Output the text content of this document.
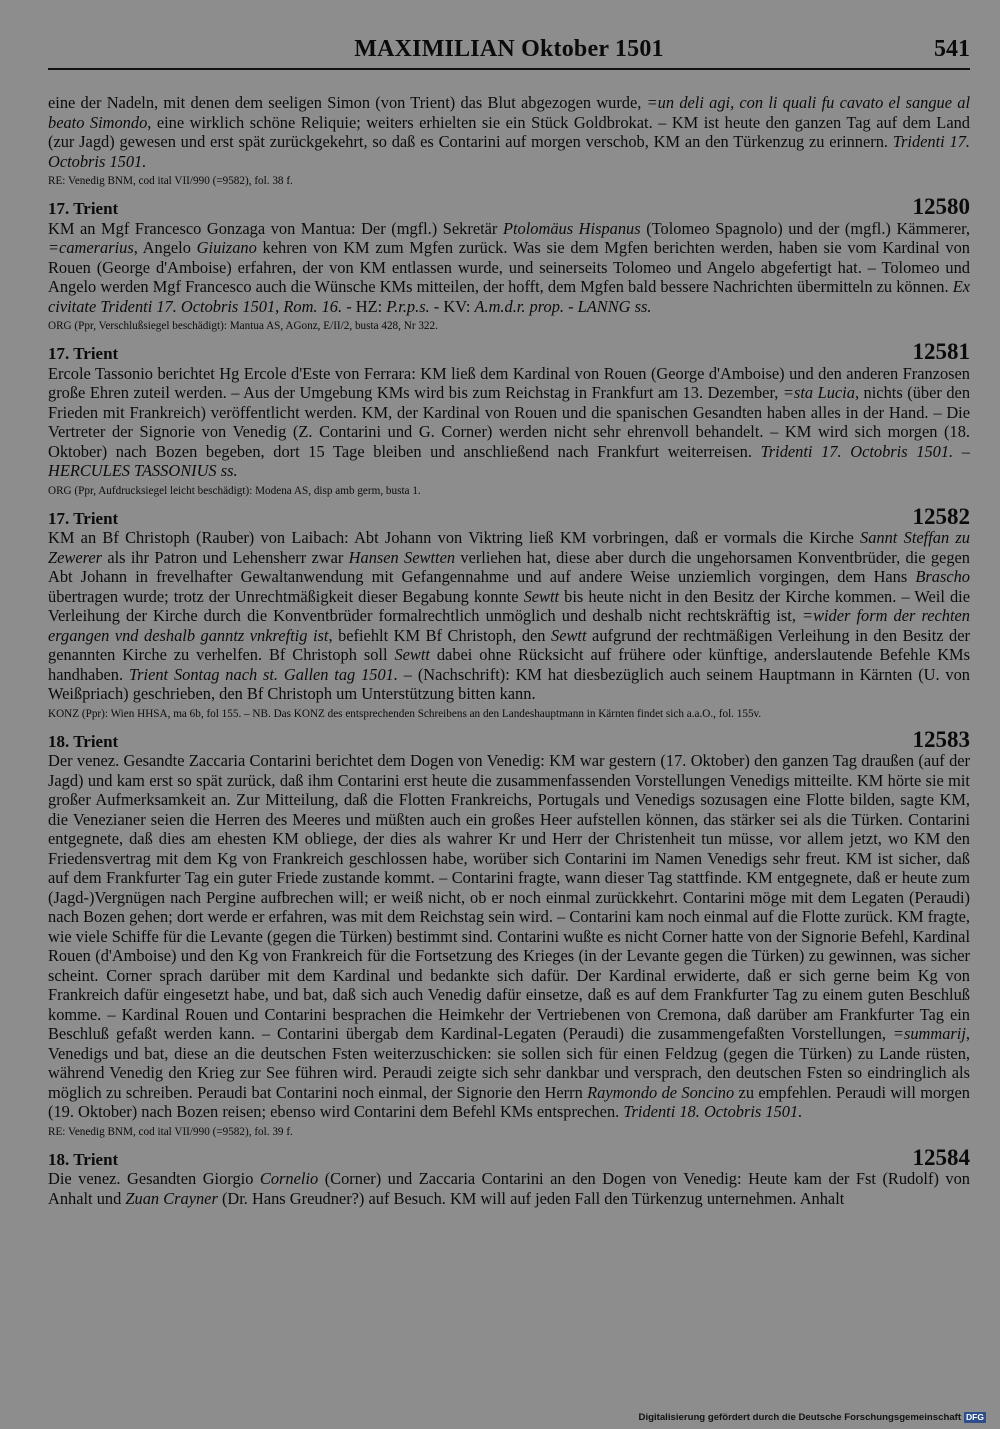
MAXIMILIAN Oktober 1501	541

eine der Nadeln, mit denen dem seeligen Simon (von Trient) das Blut abgezogen wurde, =un deli agi, con li quali fu cavato el sangue al beato Simondo, eine wirklich schöne Reliquie; weiters erhielten sie ein Stück Goldbrokat. – KM ist heute den ganzen Tag auf dem Land (zur Jagd) gewesen und erst spät zurückgekehrt, so daß es Contarini auf morgen verschob, KM an den Türkenzug zu erinnern. Tridenti 17. Octobris 1501.

RE: Venedig BNM, cod ital VII/990 (=9582), fol. 38 f.
17. Trient	12580

KM an Mgf Francesco Gonzaga von Mantua: Der (mgfl.) Sekretär Ptolomäus Hispanus (Tolomeo Spagnolo) und der (mgfl.) Kämmerer, =camerarius, Angelo Giuizano kehren von KM zum Mgfen zurück. Was sie dem Mgfen berichten werden, haben sie vom Kardinal von Rouen (George d'Amboise) erfahren, der von KM entlassen wurde, und seinerseits Tolomeo und Angelo abgefertigt hat. – Tolomeo und Angelo werden Mgf Francesco auch die Wünsche KMs mitteilen, der hofft, dem Mgfen bald bessere Nachrichten übermitteln zu können. Ex civitate Tridenti 17. Octobris 1501, Rom. 16. - HZ: P.r.p.s. - KV: A.m.d.r. prop. - LANNG ss.

ORG (Ppr, Verschlußsiegel beschädigt): Mantua AS, AGonz, E/II/2, busta 428, Nr 322.
17. Trient	12581

Ercole Tassonio berichtet Hg Ercole d'Este von Ferrara: KM ließ dem Kardinal von Rouen (George d'Amboise) und den anderen Franzosen große Ehren zuteil werden. – Aus der Umgebung KMs wird bis zum Reichstag in Frankfurt am 13. Dezember, =sta Lucia, nichts (über den Frieden mit Frankreich) veröffentlicht werden. KM, der Kardinal von Rouen und die spanischen Gesandten haben alles in der Hand. – Die Vertreter der Signorie von Venedig (Z. Contarini und G. Corner) werden nicht sehr ehrenvoll behandelt. – KM wird sich morgen (18. Oktober) nach Bozen begeben, dort 15 Tage bleiben und anschließend nach Frankfurt weiterreisen. Tridenti 17. Octobris 1501. – HERCULES TASSONIUS ss.

ORG (Ppr, Aufdrucksiegel leicht beschädigt): Modena AS, disp amb germ, busta 1.
17. Trient	12582

KM an Bf Christoph (Rauber) von Laibach: Abt Johann von Viktring ließ KM vorbringen, daß er vormals die Kirche Sannt Steffan zu Zewerer als ihr Patron und Lehensherr zwar Hansen Sewtten verliehen hat, diese aber durch die ungehorsamen Konventbrüder, die gegen Abt Johann in frevelhafter Gewaltanwendung mit Gefangennahme und auf andere Weise unziemlich vorgingen, dem Hans Brascho übertragen wurde; trotz der Unrechtmäßigkeit dieser Begabung konnte Sewtt bis heute nicht in den Besitz der Kirche kommen. – Weil die Verleihung der Kirche durch die Konventbrüder formalrechtlich unmöglich und deshalb nicht rechtskräftig ist, =wider form der rechten ergangen vnd deshalb ganntz vnkreftig ist, befiehlt KM Bf Christoph, den Sewtt aufgrund der rechtmäßigen Verleihung in den Besitz der genannten Kirche zu verhelfen. Bf Christoph soll Sewtt dabei ohne Rücksicht auf frühere oder künftige, anderslautende Befehle KMs handhaben. Trient Sontag nach st. Gallen tag 1501. – (Nachschrift): KM hat diesbezüglich auch seinem Hauptmann in Kärnten (U. von Weißpriach) geschrieben, den Bf Christoph um Unterstützung bitten kann.

KONZ (Ppr): Wien HHSA, ma 6b, fol 155. – NB. Das KONZ des entsprechenden Schreibens an den Landeshauptmann in Kärnten findet sich a.a.O., fol. 155v.
18. Trient	12583

Der venez. Gesandte Zaccaria Contarini berichtet dem Dogen von Venedig: KM war gestern (17. Oktober) den ganzen Tag draußen (auf der Jagd) und kam erst so spät zurück, daß ihm Contarini erst heute die zusammenfassenden Vorstellungen Venedigs mitteilte. KM hörte sie mit großer Aufmerksamkeit an. Zur Mitteilung, daß die Flotten Frankreichs, Portugals und Venedigs sozusagen eine Flotte bilden, sagte KM, die Venezianer seien die Herren des Meeres und müßten auch ein großes Heer aufstellen können, das stärker sei als die Türken. Contarini entgegnete, daß dies am ehesten KM obliege, der dies als wahrer Kr und Herr der Christenheit tun müsse, vor allem jetzt, wo KM den Friedensvertrag mit dem Kg von Frankreich geschlossen habe, worüber sich Contarini im Namen Venedigs sehr freut. KM ist sicher, daß auf dem Frankfurter Tag ein guter Friede zustande kommt. – Contarini fragte, wann dieser Tag stattfinde. KM entgegnete, daß er heute zum (Jagd-)Vergnügen nach Pergine aufbrechen will; er weiß nicht, ob er noch einmal zurückkehrt. Contarini möge mit dem Legaten (Peraudi) nach Bozen gehen; dort werde er erfahren, was mit dem Reichstag sein wird. – Contarini kam noch einmal auf die Flotte zurück. KM fragte, wie viele Schiffe für die Levante (gegen die Türken) bestimmt sind. Contarini wußte es nicht Corner hatte von der Signorie Befehl, Kardinal Rouen (d'Amboise) und den Kg von Frankreich für die Fortsetzung des Krieges (in der Levante gegen die Türken) zu gewinnen, was sicher scheint. Corner sprach darüber mit dem Kardinal und bedankte sich dafür. Der Kardinal erwiderte, daß er sich gerne beim Kg von Frankreich dafür eingesetzt habe, und bat, daß sich auch Venedig dafür einsetze, daß es auf dem Frankfurter Tag zu einem guten Beschluß komme. – Kardinal Rouen und Contarini besprachen die Heimkehr der Vertriebenen von Cremona, daß darüber am Frankfurter Tag ein Beschluß gefaßt werden kann. – Contarini übergab dem Kardinal-Legaten (Peraudi) die zusammengefaßten Vorstellungen, =summarij, Venedigs und bat, diese an die deutschen Fsten weiterzuschicken: sie sollen sich für einen Feldzug (gegen die Türken) zu Lande rüsten, während Venedig den Krieg zur See führen wird. Peraudi zeigte sich sehr dankbar und versprach, den deutschen Fsten so eindringlich als möglich zu schreiben. Peraudi bat Contarini noch einmal, der Signorie den Herrn Raymondo de Soncino zu empfehlen. Peraudi will morgen (19. Oktober) nach Bozen reisen; ebenso wird Contarini dem Befehl KMs entsprechen. Tridenti 18. Octobris 1501.

RE: Venedig BNM, cod ital VII/990 (=9582), fol. 39 f.
18. Trient	12584

Die venez. Gesandten Giorgio Cornelio (Corner) und Zaccaria Contarini an den Dogen von Venedig: Heute kam der Fst (Rudolf) von Anhalt und Zuan Crayner (Dr. Hans Greudner?) auf Besuch. KM will auf jeden Fall den Türkenzug unternehmen. Anhalt

Digitalisierung gefördert durch die Deutsche Forschungsgemeinschaft DFG
